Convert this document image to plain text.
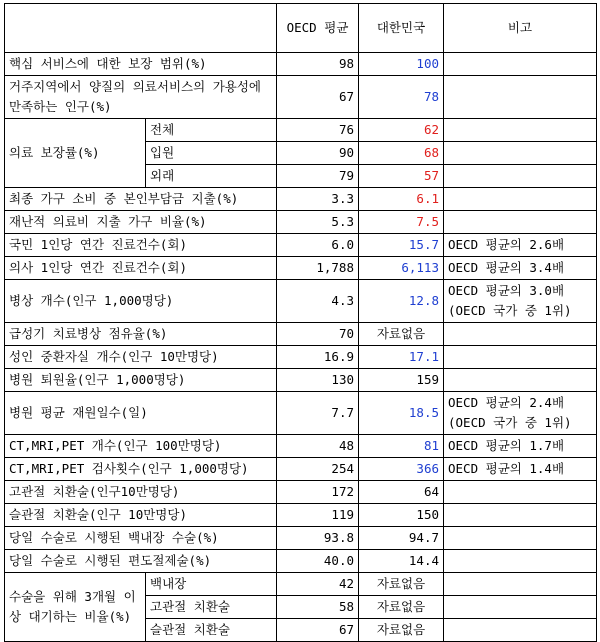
		OECD 평균	대한민국	비고
핵심 서비스에 대한 보장 범위(%)		98	100	
거주지역에서 양질의 의료서비스의 가용성에 만족하는 인구(%)		67	78	
의료 보장률(%)	전체	76	62	
	입원	90	68	
	외래	79	57	
최종 가구 소비 중 본인부담금 지출(%)		3.3	6.1	
재난적 의료비 지출 가구 비율(%)		5.3	7.5	
국민 1인당 연간 진료건수(회)		6.0	15.7	OECD 평균의 2.6배
의사 1인당 연간 진료건수(회)		1,788	6,113	OECD 평균의 3.4배
병상 개수(인구 1,000명당)		4.3	12.8	OECD 평균의 3.0배 (OECD 국가 중 1위)
급성기 치료병상 점유율(%)		70	자료없음	
성인 중환자실 개수(인구 10만명당)		16.9	17.1	
병원 퇴원율(인구 1,000명당)		130	159	
병원 평균 재원일수(일)		7.7	18.5	OECD 평균의 2.4배 (OECD 국가 중 1위)
CT,MRI,PET 개수(인구 100만명당)		48	81	OECD 평균의 1.7배
CT,MRI,PET 검사횟수(인구 1,000명당)		254	366	OECD 평균의 1.4배
고관절 치환술(인구10만명당)		172	64	
슬관절 치환술(인구 10만명당)		119	150	
당일 수술로 시행된 백내장 수술(%)		93.8	94.7	
당일 수술로 시행된 편도절제술(%)		40.0	14.4	
수술을 위해 3개월 이상 대기하는 비율(%)	백내장	42	자료없음	
	고관절 치환술	58	자료없음	
	슬관절 치환술	67	자료없음	
